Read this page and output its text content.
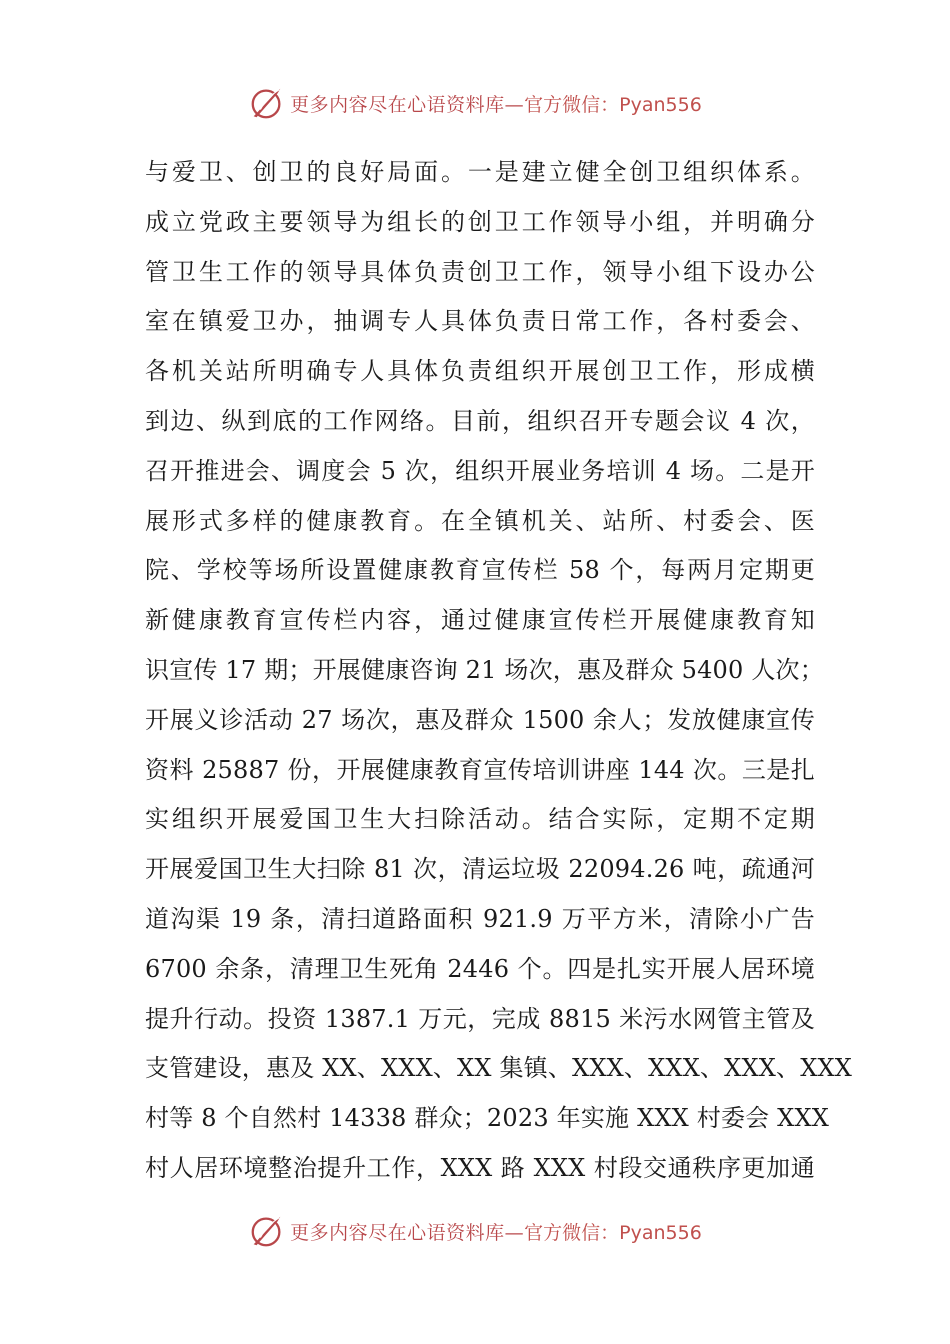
更多内容尽在心语资料库— 官方微信：Pyan556
与爱卫、创卫的良好局面。一是建立健全创卫组织体系。
成立党政主要领导为组长的创卫工作领导小组，并明确分
管卫生工作的领导具体负责创卫工作，领导小组下设办公
室在镇爱卫办，抽调专人具体负责日常工作，各村委会、
各机关站所明确专人具体负责组织开展创卫工作，形成横
到边、纵到底的工作网络。目前，组织召开专题会议 4 次，
召开推进会、调度会 5 次，组织开展业务培训 4 场。二是开
展形式多样的健康教育。在全镇机关、站所、村委会、医
院、学校等场所设置健康教育宣传栏 58 个，每两月定期更
新健康教育宣传栏内容，通过健康宣传栏开展健康教育知
识宣传 17 期；开展健康咨询 21 场次，惠及群众 5400 人次；
开展义诊活动 27 场次，惠及群众 1500 余人；发放健康宣传
资料 25887 份，开展健康教育宣传培训讲座 144 次。三是扎
实组织开展爱国卫生大扫除活动。结合实际，定期不定期
开展爱国卫生大扫除 81 次，清运垃圾 22094.26 吨，疏通河
道沟渠 19 条，清扫道路面积 921.9 万平方米，清除小广告
6700 余条，清理卫生死角 2446 个。四是扎实开展人居环境
提升行动。投资 1387.1 万元，完成 8815 米污水网管主管及
支管建设，惠及 XX、XXX、XX 集镇、XXX、XXX、XXX、XXX
村等 8 个自然村 14338 群众；2023 年实施 XXX 村委会 XXX
村人居环境整治提升工作，XXX 路 XXX 村段交通秩序更加通
更多内容尽在心语资料库— 官方微信：Pyan556
